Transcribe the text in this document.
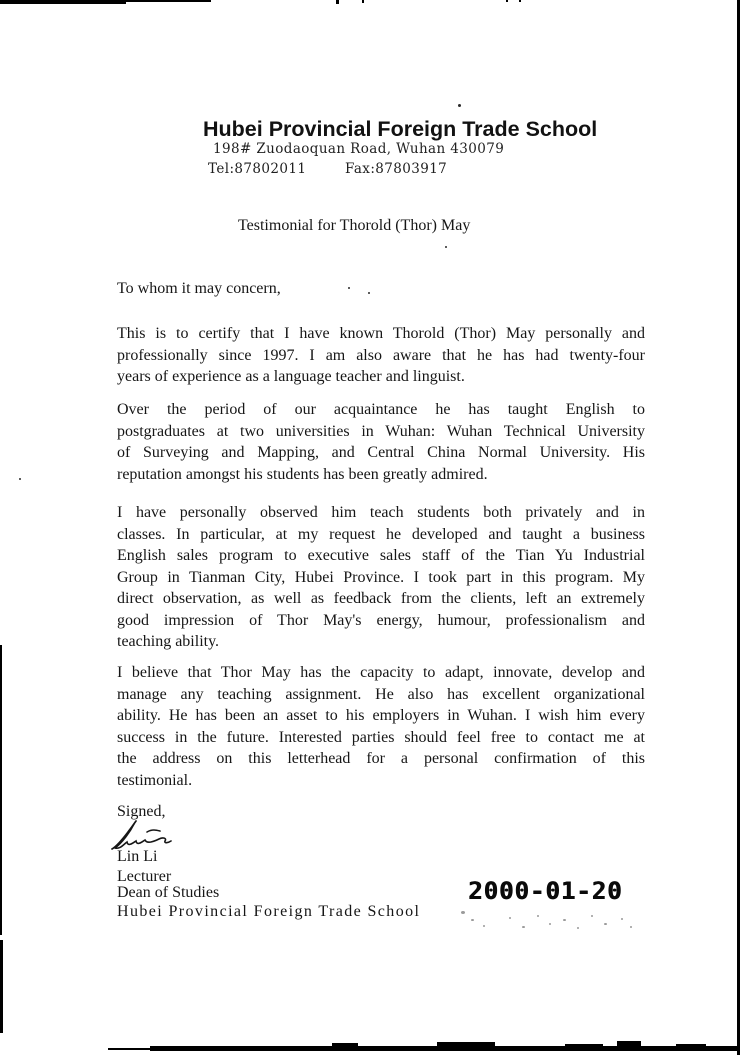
Hubei Provincial Foreign Trade School
198# Zuodaoquan Road, Wuhan 430079
Tel:87802011	Fax:87803917
Testimonial for Thorold (Thor) May
To whom it may concern,
This is to certify that I have known Thorold (Thor) May personally and
professionally since 1997. I am also aware that he has had twenty-four
years of experience as a language teacher and linguist.
Over the period of our acquaintance he has taught English to
postgraduates at two universities in Wuhan: Wuhan Technical University
of Surveying and Mapping, and Central China Normal University. His
reputation amongst his students has been greatly admired.
I have personally observed him teach students both privately and in
classes. In particular, at my request he developed and taught a business
English sales program to executive sales staff of the Tian Yu Industrial
Group in Tianman City, Hubei Province. I took part in this program. My
direct observation, as well as feedback from the clients, left an extremely
good impression of Thor May's energy, humour, professionalism and
teaching ability.
I believe that Thor May has the capacity to adapt, innovate, develop and
manage any teaching assignment. He also has excellent organizational
ability. He has been an asset to his employers in Wuhan. I wish him every
success in the future. Interested parties should feel free to contact me at
the address on this letterhead for a personal confirmation of this
testimonial.
Signed,
Lin Li
Lecturer
Dean of Studies
Hubei Provincial Foreign Trade School
2000-01-20
